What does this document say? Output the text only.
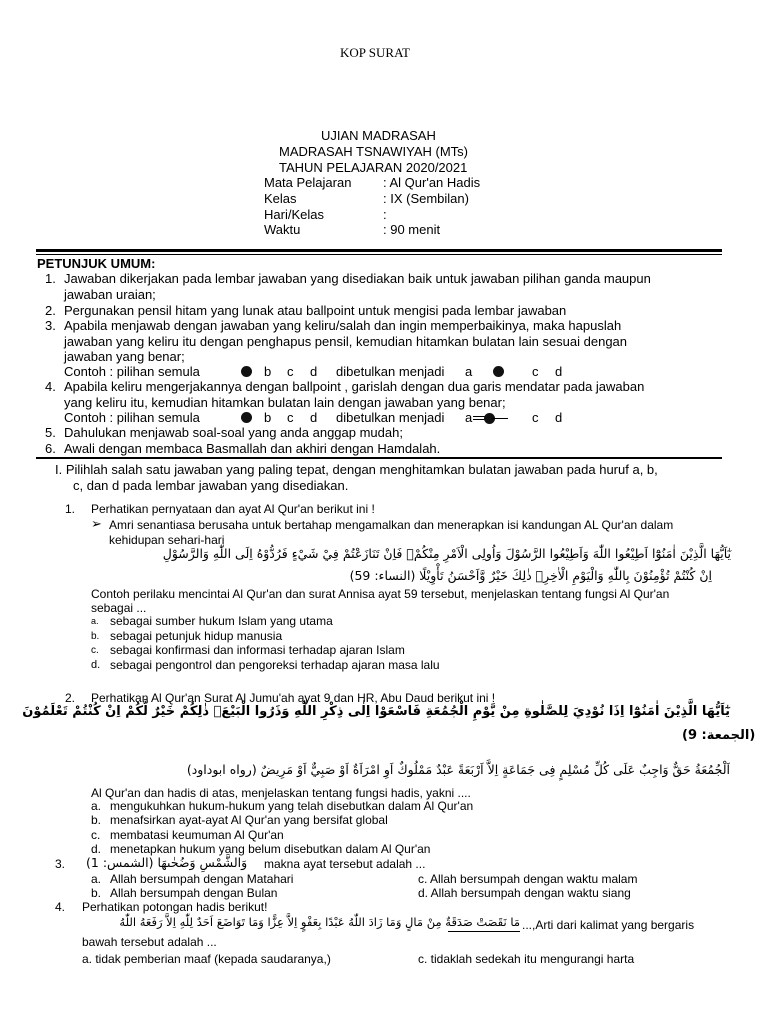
KOP SURAT
UJIAN MADRASAH
MADRASAH TSNAWIYAH (MTs)
TAHUN PELAJARAN 2020/2021
Mata Pelajaran : Al Qur'an Hadis
Kelas	: IX (Sembilan)
Hari/Kelas	:
Waktu	: 90 menit
PETUNJUK UMUM:
1. Jawaban dikerjakan pada lembar jawaban yang disediakan baik untuk jawaban pilihan ganda maupun
jawaban uraian;
2. Pergunakan pensil hitam yang lunak atau ballpoint untuk mengisi pada lembar jawaban
3. Apabila menjawab dengan jawaban yang keliru/salah dan ingin memperbaikinya, maka hapuslah
jawaban yang keliru itu dengan penghapus pensil, kemudian hitamkan bulatan lain sesuai dengan
jawaban yang benar;
Contoh : pilihan semula	b c d dibetulkan menjadi a	c d
4. Apabila keliru mengerjakannya dengan ballpoint , garislah dengan dua garis mendatar pada jawaban
yang keliru itu, kemudian hitamkan bulatan lain dengan jawaban yang benar;
Contoh : pilihan semula	b c d dibetulkan menjadi a	c d
5. Dahulukan menjawab soal-soal yang anda anggap mudah;
6. Awali dengan membaca Basmallah dan akhiri dengan Hamdalah.
I. Pilihlah salah satu jawaban yang paling tepat, dengan menghitamkan bulatan jawaban pada huruf a, b,
c, dan d pada lembar jawaban yang disediakan.
1. Perhatikan pernyataan dan ayat Al Qur'an berikut ini !
➢ Amri senantiasa berusaha untuk bertahap mengamalkan dan menerapkan isi kandungan AL Qur'an dalam
kehidupan sehari-hari
يٰٓاَيُّهَا الَّذِيْنَ اٰمَنُوْٓا اَطِيْعُوا اللّٰهَ وَاَطِيْعُوا الرَّسُوْلَ وَاُولِى الْاَمْرِ مِنْكُمْۚ فَاِنْ تَنَازَعْتُمْ فِيْ شَيْءٍ فَرُدُّوْهُ اِلَى اللّٰهِ وَالرَّسُوْلِ
اِنْ كُنْتُمْ تُؤْمِنُوْنَ بِاللّٰهِ وَالْيَوْمِ الْاٰخِرِۗ ذٰلِكَ خَيْرٌ وَّاَحْسَنُ تَأْوِيْلًا (النساء: 59)
Contoh perilaku mencintai Al Qur'an dan surat Annisa ayat 59 tersebut, menjelaskan tentang fungsi Al Qur'an
sebagai ...
a. sebagai sumber hukum Islam yang utama
b. sebagai petunjuk hidup manusia
c. sebagai konfirmasi dan informasi terhadap ajaran Islam
d. sebagai pengontrol dan pengoreksi terhadap ajaran masa lalu
2. Perhatikan Al Qur'an Surat Al Jumu'ah ayat 9 dan HR, Abu Daud berikut ini !
يٰٓاَيُّهَا الَّذِيْنَ اٰمَنُوْٓا اِذَا نُوْدِيَ لِلصَّلٰوةِ مِنْ يَّوْمِ الْجُمُعَةِ فَاسْعَوْا اِلٰى ذِكْرِ اللّٰهِ وَذَرُوا الْبَيْعَۗ ذٰلِكُمْ خَيْرٌ لَّكُمْ اِنْ كُنْتُمْ تَعْلَمُوْنَ
(الجمعة: 9)
اَلْجُمُعَةُ حَقٌّ وَاجِبٌ عَلَى كُلِّ مُسْلِمٍ فِى جَمَاعَةٍ اِلاَّ اَرْبَعَةً عَبْدٌ مَمْلُوكٌ اَوِ امْرَاَةٌ اَوْ صَبِيٌّ اَوْ مَرِيضٌ (رواه ابوداود)
Al Qur'an dan hadis di atas, menjelaskan tentang fungsi hadis, yakni ....
a. mengukuhkan hukum-hukum yang telah disebutkan dalam Al Qur'an
b. menafsirkan ayat-ayat Al Qur'an yang bersifat global
c. membatasi keumuman Al Qur'an
d. menetapkan hukum yang belum disebutkan dalam Al Qur'an
3. وَالشَّمْسِ وَضُحٰىهَا (الشمس: 1) makna ayat tersebut adalah ...
a. Allah bersumpah dengan Matahari	c. Allah bersumpah dengan waktu malam
b. Allah bersumpah dengan Bulan	d. Allah bersumpah dengan waktu siang
4. Perhatikan potongan hadis berikut!
مَا نَقَصَتْ صَدَقَةٌ مِنْ مَالٍ وَمَا زَادَ اللّٰهُ عَبْدًا بِعَفْوٍ اِلاَّ عِزًّا وَمَا تَوَاضَعَ اَحَدٌ لِلّٰهِ اِلاَّ رَفَعَهُ اللّٰهُ ...,Arti dari kalimat yang bergaris
bawah tersebut adalah ...
a. tidak pemberian maaf (kepada saudaranya,)	c. tidaklah sedekah itu mengurangi harta
